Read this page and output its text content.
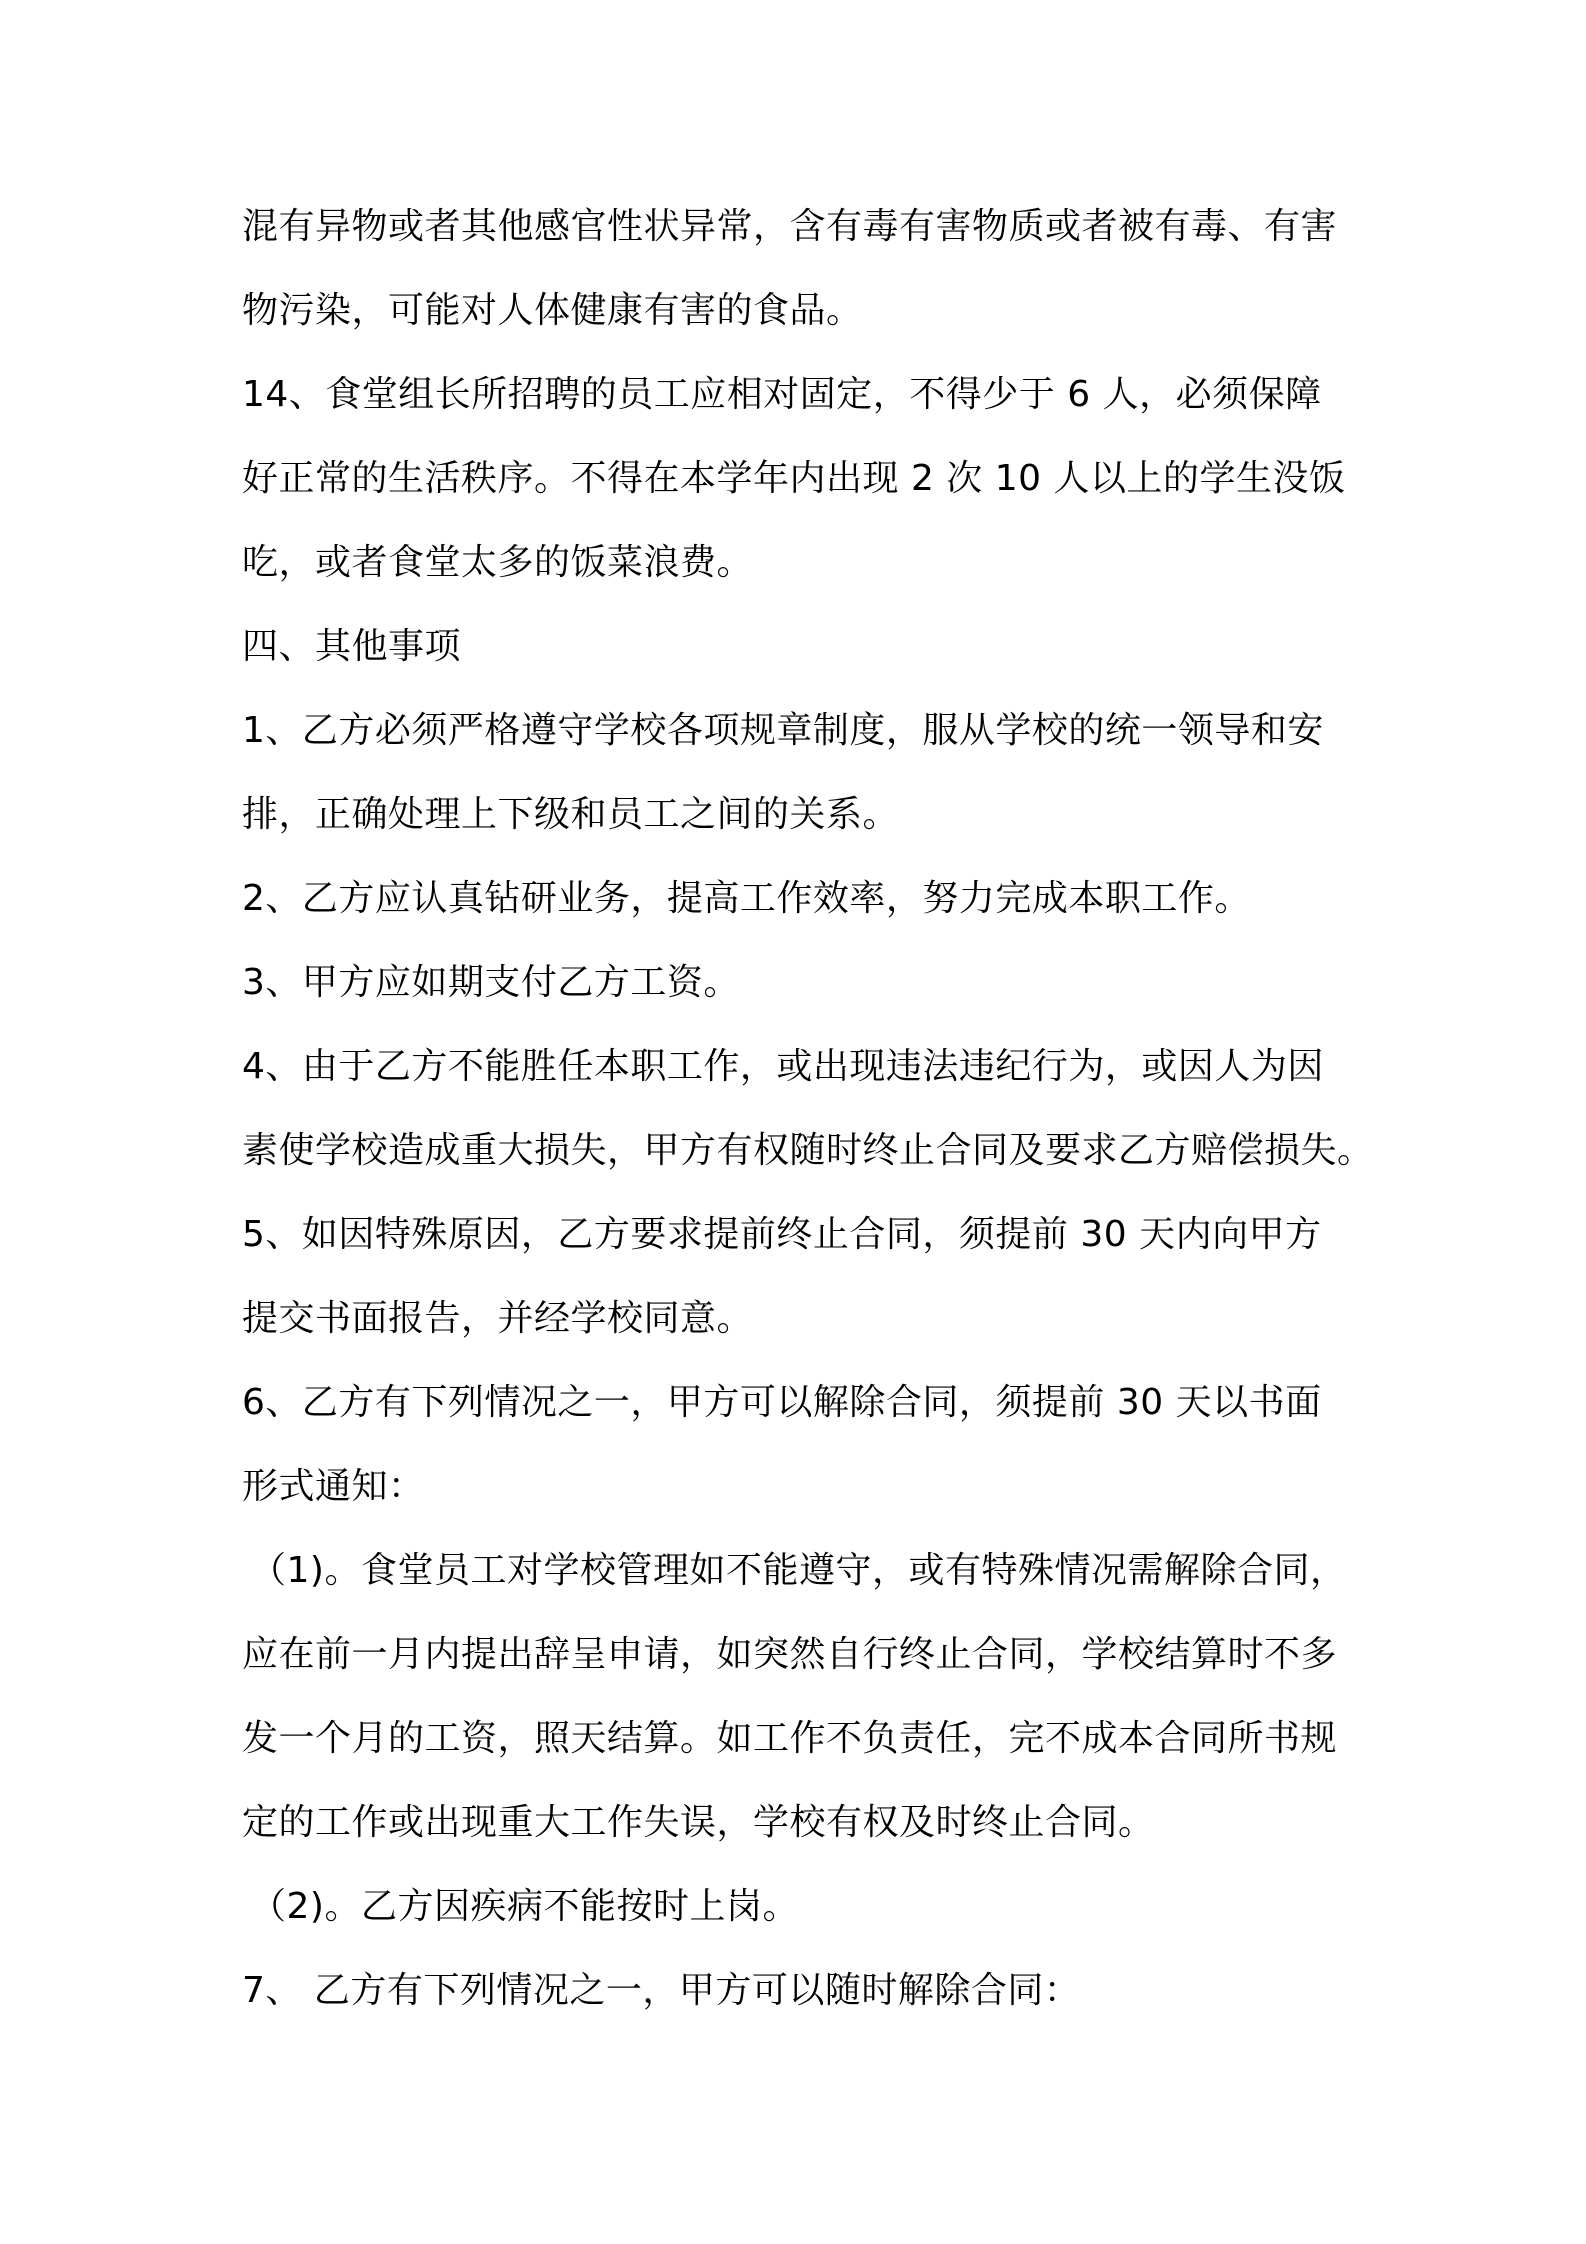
混有异物或者其他感官性状异常，含有毒有害物质或者被有毒、有害

物污染，可能对人体健康有害的食品。

14、食堂组长所招聘的员工应相对固定，不得少于 6 人，必须保障

好正常的生活秩序。不得在本学年内出现 2 次 10 人以上的学生没饭

吃，或者食堂太多的饭菜浪费。

四、其他事项

1、乙方必须严格遵守学校各项规章制度，服从学校的统一领导和安

排，正确处理上下级和员工之间的关系。

2、乙方应认真钻研业务，提高工作效率，努力完成本职工作。

3、甲方应如期支付乙方工资。

4、由于乙方不能胜任本职工作，或出现违法违纪行为，或因人为因

素使学校造成重大损失，甲方有权随时终止合同及要求乙方赔偿损失。

5、如因特殊原因，乙方要求提前终止合同，须提前 30 天内向甲方

提交书面报告，并经学校同意。

6、乙方有下列情况之一，甲方可以解除合同，须提前 30 天以书面

形式通知：

（1)。食堂员工对学校管理如不能遵守，或有特殊情况需解除合同，

应在前一月内提出辞呈申请，如突然自行终止合同，学校结算时不多

发一个月的工资，照天结算。如工作不负责任，完不成本合同所书规

定的工作或出现重大工作失误，学校有权及时终止合同。

（2)。乙方因疾病不能按时上岗。

7、 乙方有下列情况之一，甲方可以随时解除合同：
